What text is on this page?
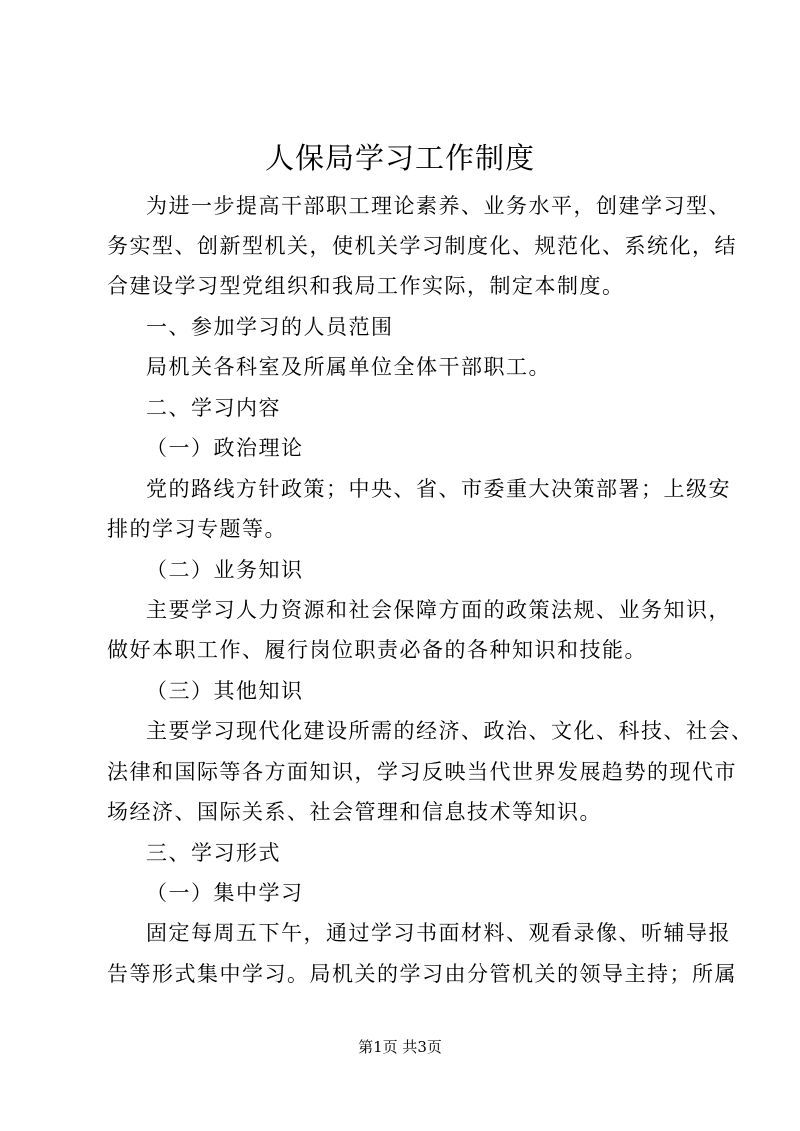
人保局学习工作制度
为进一步提高干部职工理论素养、业务水平，创建学习型、
务实型、创新型机关，使机关学习制度化、规范化、系统化，结
合建设学习型党组织和我局工作实际，制定本制度。
一、参加学习的人员范围
局机关各科室及所属单位全体干部职工。
二、学习内容
（一）政治理论
党的路线方针政策；中央、省、市委重大决策部署；上级安
排的学习专题等。
（二）业务知识
主要学习人力资源和社会保障方面的政策法规、业务知识，
做好本职工作、履行岗位职责必备的各种知识和技能。
（三）其他知识
主要学习现代化建设所需的经济、政治、文化、科技、社会、
法律和国际等各方面知识，学习反映当代世界发展趋势的现代市
场经济、国际关系、社会管理和信息技术等知识。
三、学习形式
（一）集中学习
固定每周五下午，通过学习书面材料、观看录像、听辅导报
告等形式集中学习。局机关的学习由分管机关的领导主持；所属
第1页 共3页
